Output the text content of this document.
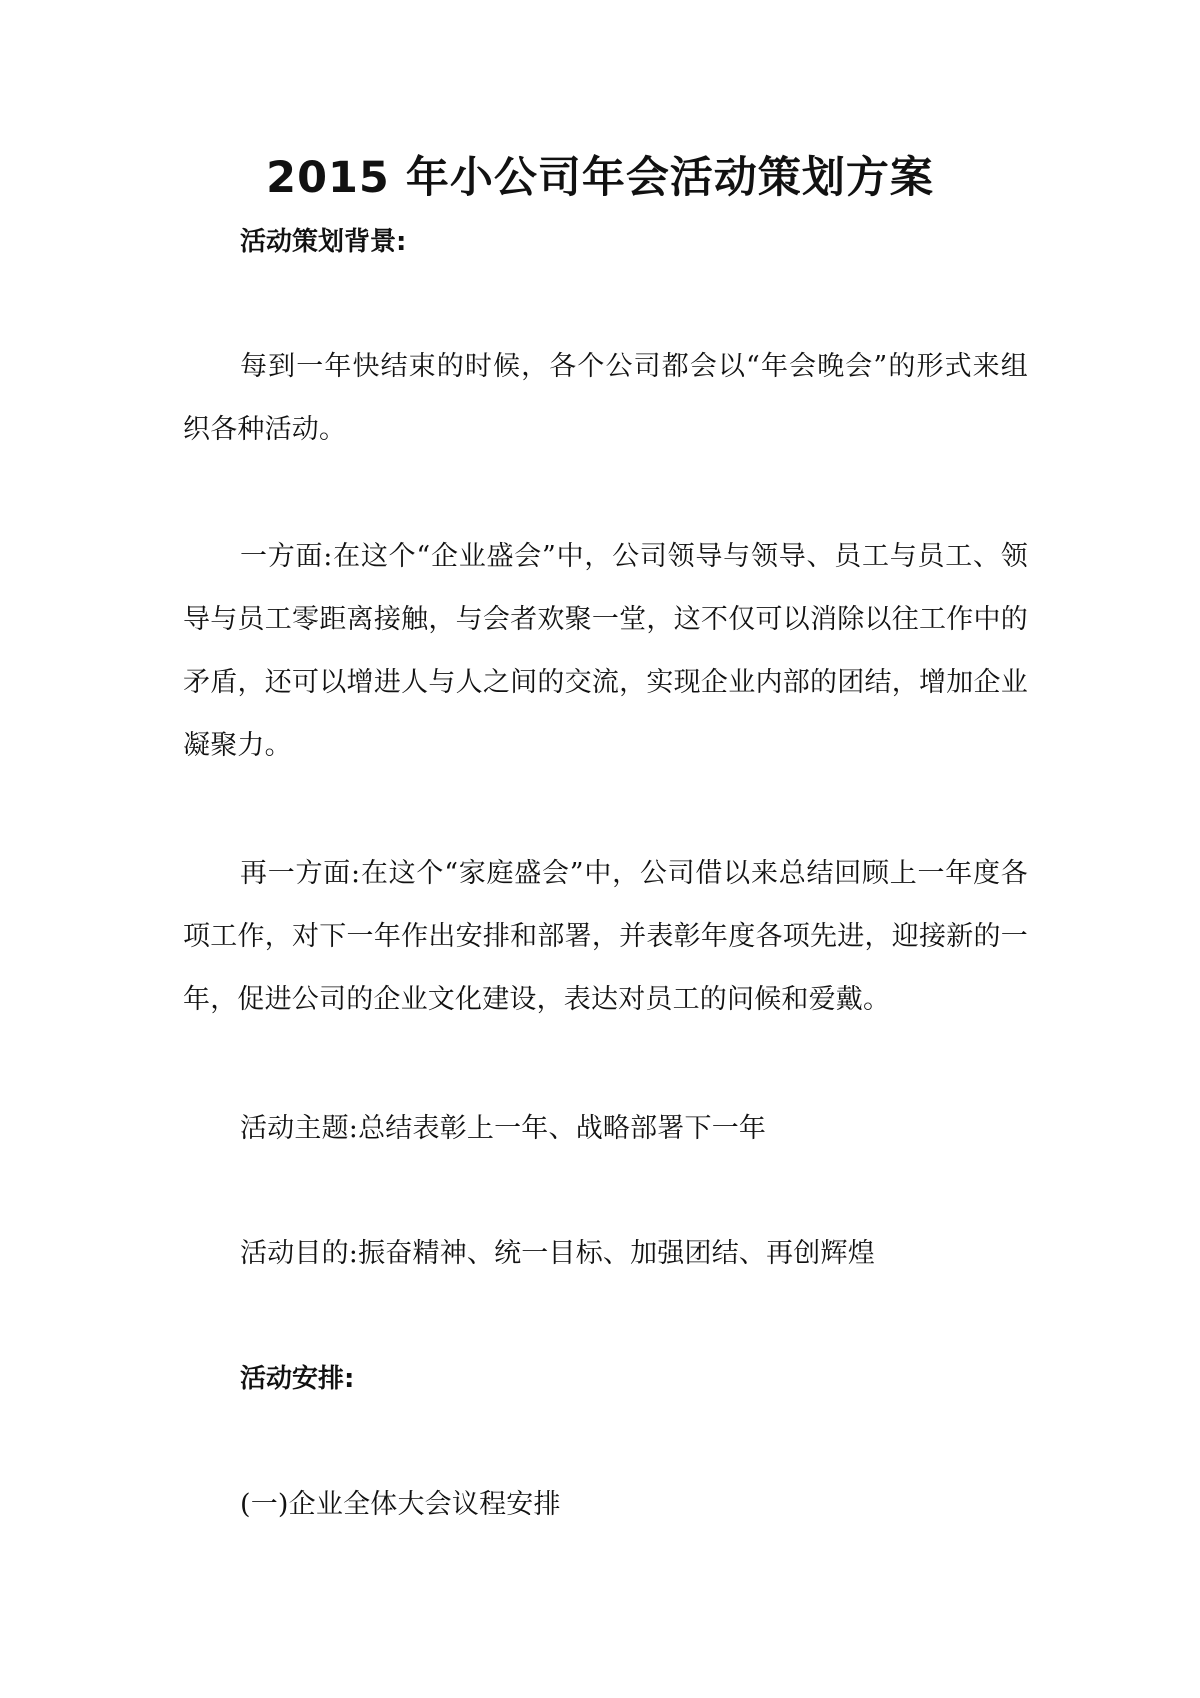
2015 年小公司年会活动策划方案

活动策划背景:

每到一年快结束的时候，各个公司都会以“年会晚会”的形式来组织各种活动。

一方面:在这个“企业盛会”中，公司领导与领导、员工与员工、领导与员工零距离接触，与会者欢聚一堂，这不仅可以消除以往工作中的矛盾，还可以增进人与人之间的交流，实现企业内部的团结，增加企业凝聚力。

再一方面:在这个“家庭盛会”中，公司借以来总结回顾上一年度各项工作，对下一年作出安排和部署，并表彰年度各项先进，迎接新的一年，促进公司的企业文化建设，表达对员工的问候和爱戴。

活动主题:总结表彰上一年、战略部署下一年

活动目的:振奋精神、统一目标、加强团结、再创辉煌

活动安排:

(一)企业全体大会议程安排
